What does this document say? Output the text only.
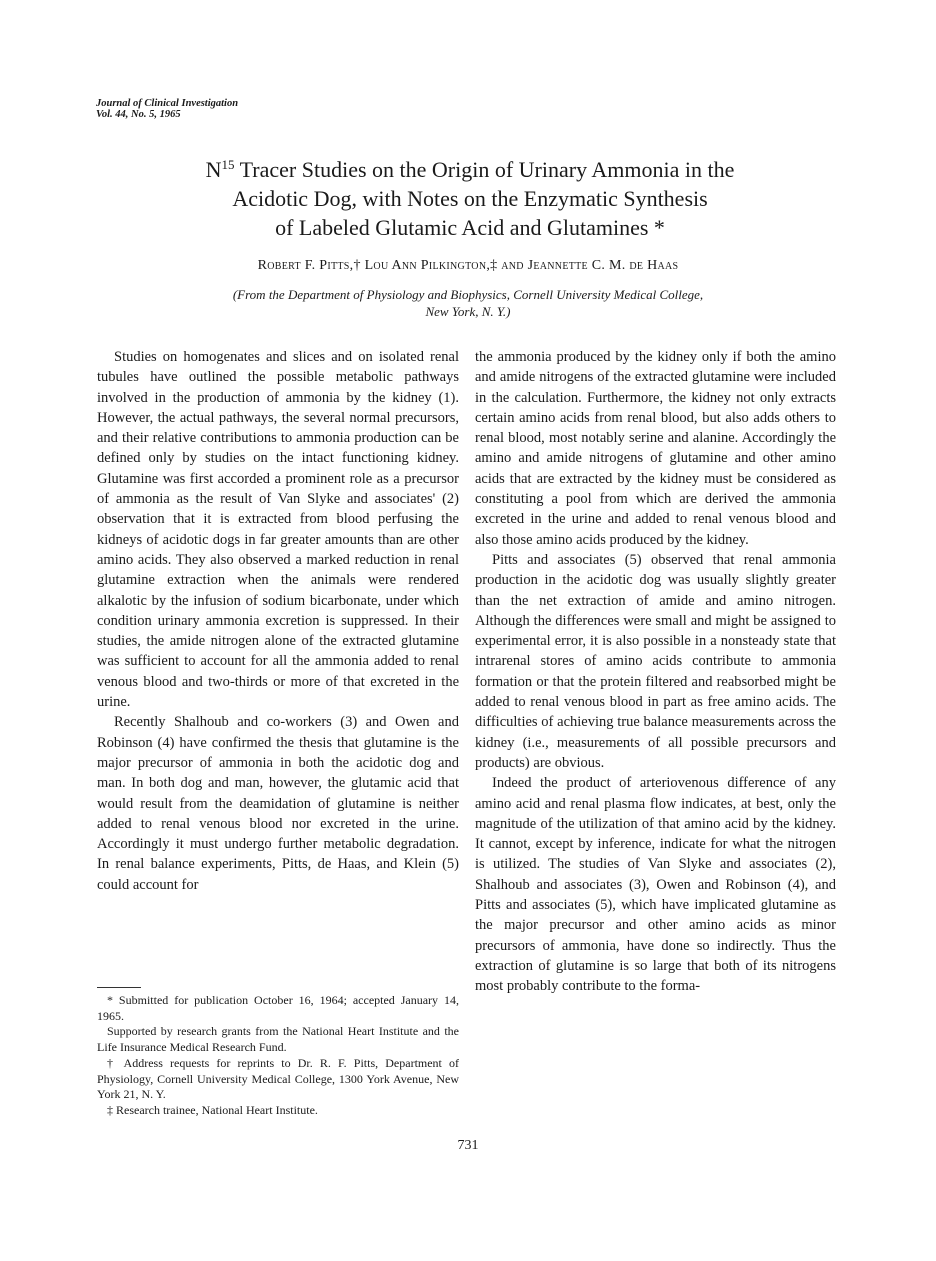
Journal of Clinical Investigation
Vol. 44, No. 5, 1965
$N^{15}$ Tracer Studies on the Origin of Urinary Ammonia in the
Acidotic Dog, with Notes on the Enzymatic Synthesis
of Labeled Glutamic Acid and Glutamines *
Robert F. Pitts,† Lou Ann Pilkington,‡ and Jeannette C. M. de Haas
(From the Department of Physiology and Biophysics, Cornell University Medical College,
New York, N. Y.)

Studies on homogenates and slices and on isolated renal tubules have outlined the possible metabolic pathways involved in the production of ammonia by the kidney (1). However, the actual pathways, the several normal precursors, and their relative contributions to ammonia production can be defined only by studies on the intact functioning kidney. Glutamine was first accorded a prominent role as a precursor of ammonia as the result of Van Slyke and associates' (2) observation that it is extracted from blood perfusing the kidneys of acidotic dogs in far greater amounts than are other amino acids. They also observed a marked reduction in renal glutamine extraction when the animals were rendered alkalotic by the infusion of sodium bicarbonate, under which condition urinary ammonia excretion is suppressed. In their studies, the amide nitrogen alone of the extracted glutamine was sufficient to account for all the ammonia added to renal venous blood and two-thirds or more of that excreted in the urine.

Recently Shalhoub and co-workers (3) and Owen and Robinson (4) have confirmed the thesis that glutamine is the major precursor of ammonia in both the acidotic dog and man. In both dog and man, however, the glutamic acid that would result from the deamidation of glutamine is neither added to renal venous blood nor excreted in the urine. Accordingly it must undergo further metabolic degradation. In renal balance experiments, Pitts, de Haas, and Klein (5) could account for

the ammonia produced by the kidney only if both the amino and amide nitrogens of the extracted glutamine were included in the calculation. Furthermore, the kidney not only extracts certain amino acids from renal blood, but also adds others to renal blood, most notably serine and alanine. Accordingly the amino and amide nitrogens of glutamine and other amino acids that are extracted by the kidney must be considered as constituting a pool from which are derived the ammonia excreted in the urine and added to renal venous blood and also those amino acids produced by the kidney.

Pitts and associates (5) observed that renal ammonia production in the acidotic dog was usually slightly greater than the net extraction of amide and amino nitrogen. Although the differences were small and might be assigned to experimental error, it is also possible in a nonsteady state that intrarenal stores of amino acids contribute to ammonia formation or that the protein filtered and reabsorbed might be added to renal venous blood in part as free amino acids. The difficulties of achieving true balance measurements across the kidney (i.e., measurements of all possible precursors and products) are obvious.

Indeed the product of arteriovenous difference of any amino acid and renal plasma flow indicates, at best, only the magnitude of the utilization of that amino acid by the kidney. It cannot, except by inference, indicate for what the nitrogen is utilized. The studies of Van Slyke and associates (2), Shalhoub and associates (3), Owen and Robinson (4), and Pitts and associates (5), which have implicated glutamine as the major precursor and other amino acids as minor precursors of ammonia, have done so indirectly. Thus the extraction of glutamine is so large that both of its nitrogens most probably contribute to the forma-

* Submitted for publication October 16, 1964; accepted January 14, 1965.

Supported by research grants from the National Heart Institute and the Life Insurance Medical Research Fund.

† Address requests for reprints to Dr. R. F. Pitts, Department of Physiology, Cornell University Medical College, 1300 York Avenue, New York 21, N. Y.

‡ Research trainee, National Heart Institute.

731
